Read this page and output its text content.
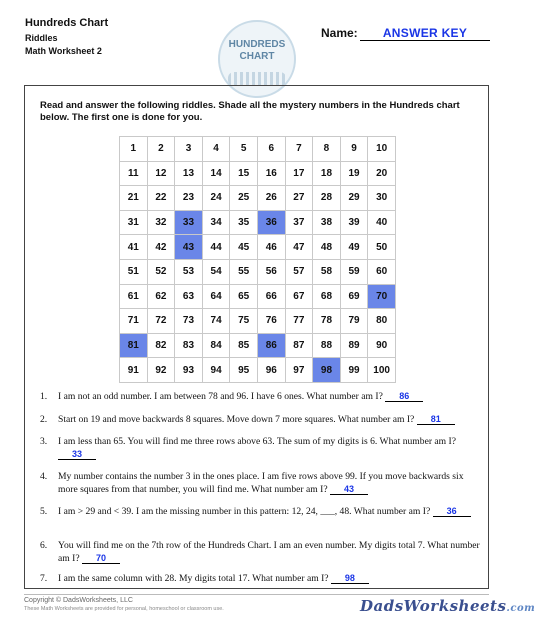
Hundreds Chart
Riddles
Math Worksheet 2
HUNDREDS
CHART
Name:	ANSWER KEY
Read and answer the following riddles. Shade all the mystery numbers in the Hundreds chart below. The first one is done for you.
1	2	3	4	5	6	7	8	9	10
11	12	13	14	15	16	17	18	19	20
21	22	23	24	25	26	27	28	29	30
31	32	33	34	35	36	37	38	39	40
41	42	43	44	45	46	47	48	49	50
51	52	53	54	55	56	57	58	59	60
61	62	63	64	65	66	67	68	69	70
71	72	73	74	75	76	77	78	79	80
81	82	83	84	85	86	87	88	89	90
91	92	93	94	95	96	97	98	99	100
1. I am not an odd number. I am between 78 and 96. I have 6 ones. What number am I? 86
2. Start on 19 and move backwards 8 squares. Move down 7 more squares. What number am I? 81
3. I am less than 65. You will find me three rows above 63. The sum of my digits is 6. What number am I? 33
4. My number contains the number 3 in the ones place. I am five rows above 99. If you move backwards six more squares from that number, you will find me. What number am I? 43
5. I am > 29 and < 39. I am the missing number in this pattern: 12, 24, ___, 48. What number am I? 36
6. You will find me on the 7th row of the Hundreds Chart. I am an even number. My digits total 7. What number am I? 70
7. I am the same column with 28. My digits total 17. What number am I? 98
Copyright © DadsWorksheets, LLC
These Math Worksheets are provided for personal, homeschool or classroom use.	DadsWorksheets.com
